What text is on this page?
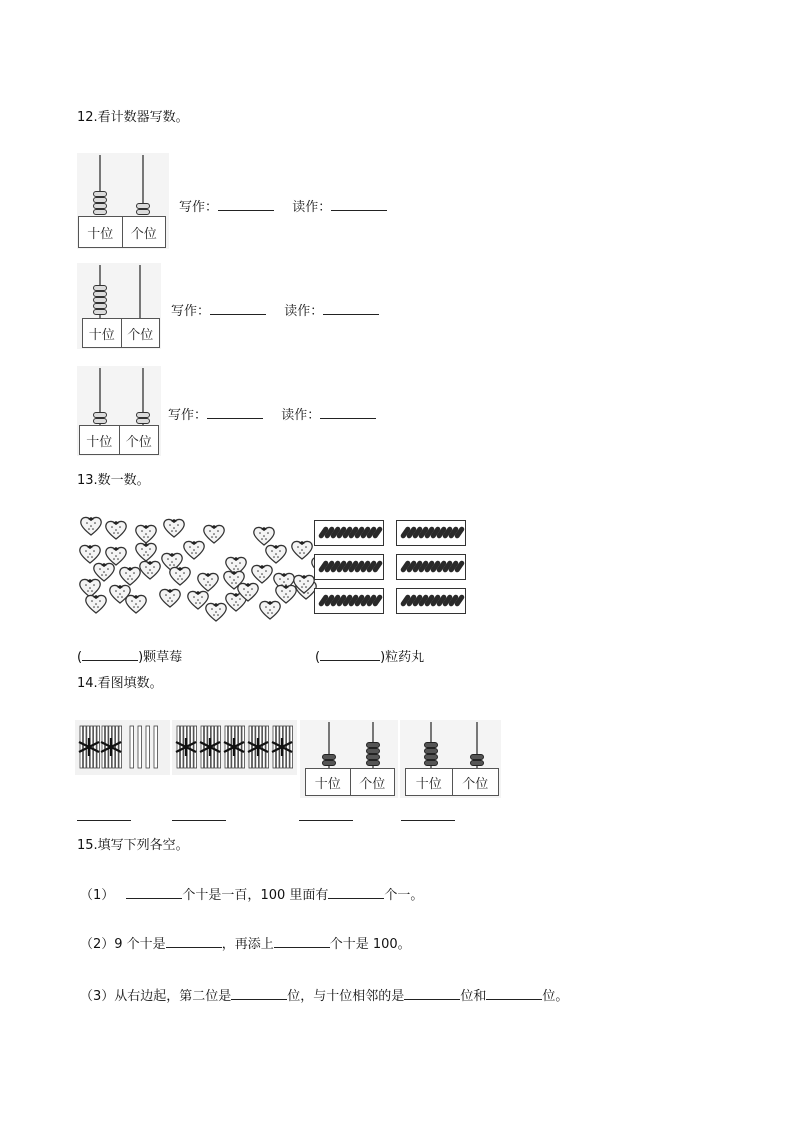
12.看计数器写数。
十位	个位
写作：	读作：
十位 个位
写作：	读作：
十位	个位
写作：	读作：
13.数一数。
(	)颗草莓	(	)粒药丸
14.看图填数。
十位	个位	十位	个位
15.填写下列各空。
（1）	个十是一百，100 里面有	个一。
（2）9 个十是	，再添上	个十是 100。
（3）从右边起，第二位是	位，与十位相邻的是	位和	位。
